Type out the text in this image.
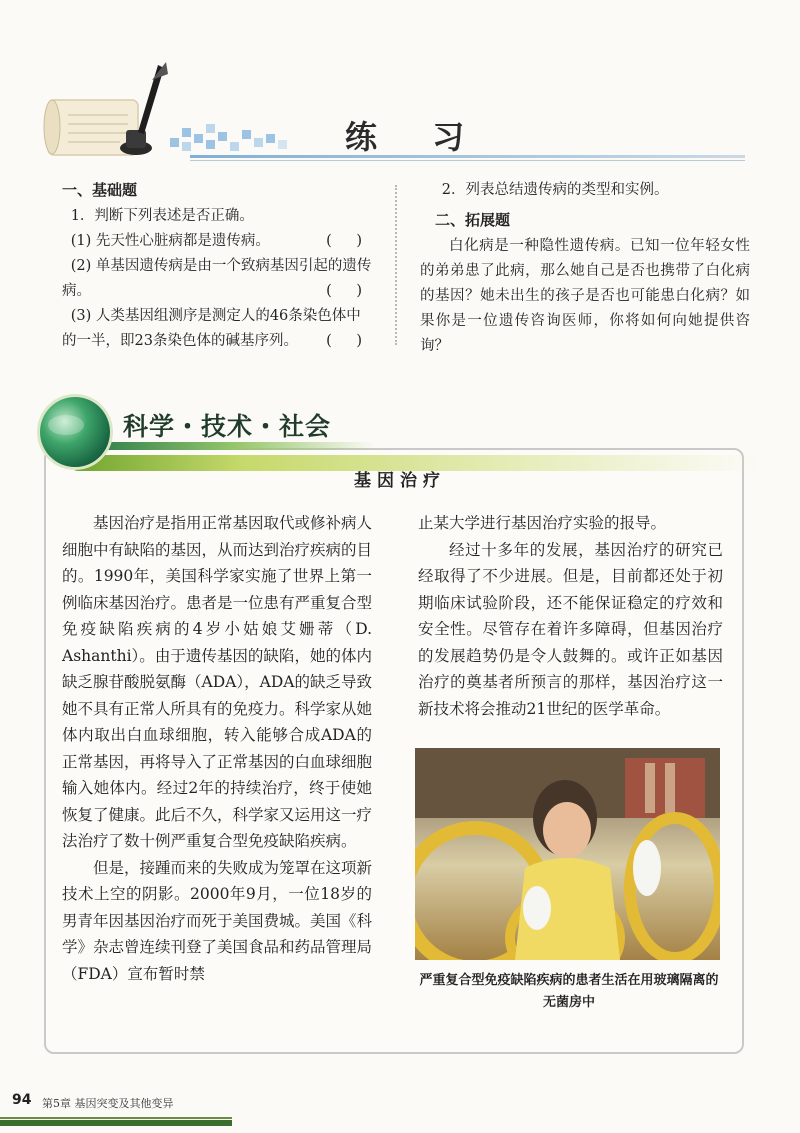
练 习
一、基础题

1．判断下列表述是否正确。

(1) 先天性心脏病都是遗传病。	( )

(2) 单基因遗传病是由一个致病基因引起的遗传病。	( )

(3) 人类基因组测序是测定人的46条染色体中的一半，即23条染色体的碱基序列。	( )

2．列表总结遗传病的类型和实例。

二、拓展题

白化病是一种隐性遗传病。已知一位年轻女性的弟弟患了此病，那么她自己是否也携带了白化病的基因？她未出生的孩子是否也可能患白化病？如果你是一位遗传咨询医师，你将如何向她提供咨询？

科学・技术・社会
基因治疗

基因治疗是指用正常基因取代或修补病人细胞中有缺陷的基因，从而达到治疗疾病的目的。1990年，美国科学家实施了世界上第一例临床基因治疗。患者是一位患有严重复合型免疫缺陷疾病的4岁小姑娘艾姗蒂（D. Ashanthi）。由于遗传基因的缺陷，她的体内缺乏腺苷酸脱氨酶（ADA），ADA的缺乏导致她不具有正常人所具有的免疫力。科学家从她体内取出白血球细胞，转入能够合成ADA的正常基因，再将导入了正常基因的白血球细胞输入她体内。经过2年的持续治疗，终于使她恢复了健康。此后不久，科学家又运用这一疗法治疗了数十例严重复合型免疫缺陷疾病。

但是，接踵而来的失败成为笼罩在这项新技术上空的阴影。2000年9月，一位18岁的男青年因基因治疗而死于美国费城。美国《科学》杂志曾连续刊登了美国食品和药品管理局（FDA）宣布暂时禁

止某大学进行基因治疗实验的报导。

经过十多年的发展，基因治疗的研究已经取得了不少进展。但是，目前都还处于初期临床试验阶段，还不能保证稳定的疗效和安全性。尽管存在着许多障碍，但基因治疗的发展趋势仍是令人鼓舞的。或许正如基因治疗的奠基者所预言的那样，基因治疗这一新技术将会推动21世纪的医学革命。

严重复合型免疫缺陷疾病的患者生活在用玻璃隔离的无菌房中
94 第5章 基因突变及其他变异
